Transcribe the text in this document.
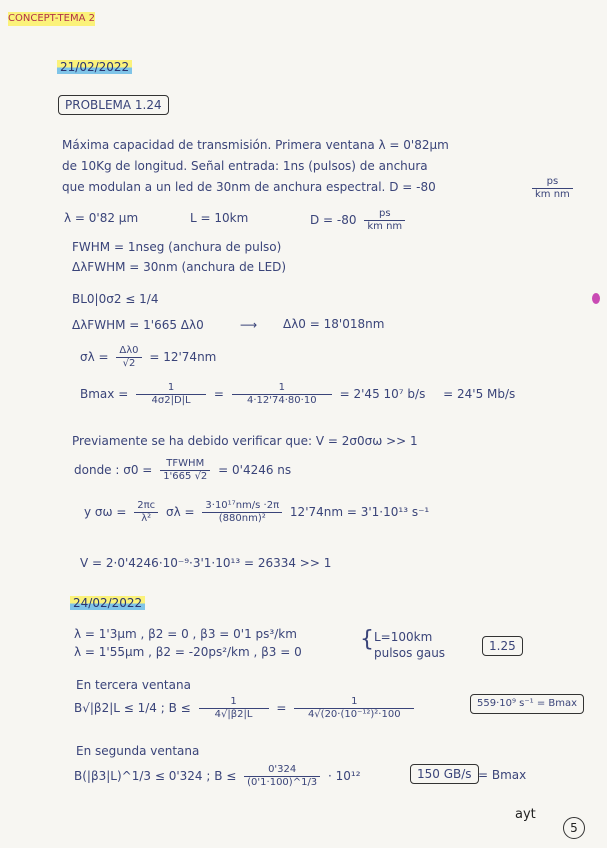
CONCEPT-TEMA 2
21/02/2022
PROBLEMA 1.24
Máxima capacidad de transmisión. Primera ventana λ = 0'82μm
de 10Kg de longitud. Señal entrada: 1ns (pulsos) de anchura
que modulan a un led de 30nm de anchura espectral. D = -80	$\frac{ps}{\text{km nm}}$
λ = 0'82 μm	L = 10km	$D = -80 \frac{ps}{\text{km nm}}$
FWHM = 1nseg (anchura de pulso)
ΔλFWHM = 30nm (anchura de LED)
BL0|0σ2 ≤ 1/4
ΔλFWHM = 1'665 Δλ0	⟶ Δλ0 = 18'018nm
$\sigma\lambda = \frac{\Delta\lambda 0}{√2} = 12'74nm$
$Bmax = \frac{1}{4\sigma 2|D|L} = \frac{1}{4\cdot 12'74\cdot 80\cdot 10} = 2'45$ 10⁷ b/s = 24'5 Mb/s
Previamente se ha debido verificar que: V = 2σ0σω >> 1
donde : $\sigma 0 = \frac{\text{TFWHM}}{1'665 √2} = 0'4246$ ns
y $\sigma\omega = \frac{2\pi c}{\text{λ²}}$ $\sigma\lambda = \frac{\text{3·10¹⁷nm/s ·2π}}{\text{(880nm)²}} 12'74nm = 3'1\cdot 10^{13}$ s⁻¹
V = 2·0'4246·10⁻⁹·3'1·10¹³ = 26334 >> 1
24/02/2022
λ = 1'3μm , β2 = 0 , β3 = 0'1 ps³/km
λ = 1'55μm , β2 = -20ps²/km , β3 = 0	{ L=100km
pulsos gaus	1.25
En tercera ventana
B√|β2|L ≤ 1/4 ; $B \le \frac{1}{4√|\beta 2|L} = \frac{1}{\text{4√(20·(10⁻¹²)²·100}}$	559·10⁹ s⁻¹ = Bmax
En segunda ventana
B(|β3|L)^1/3 ≤ 0'324 ; $B \le \frac{0'324}{(0'1\cdot 100)\^{}1/3} \cdot 10^{12}$	150 GB/s = Bmax
ayt
5
